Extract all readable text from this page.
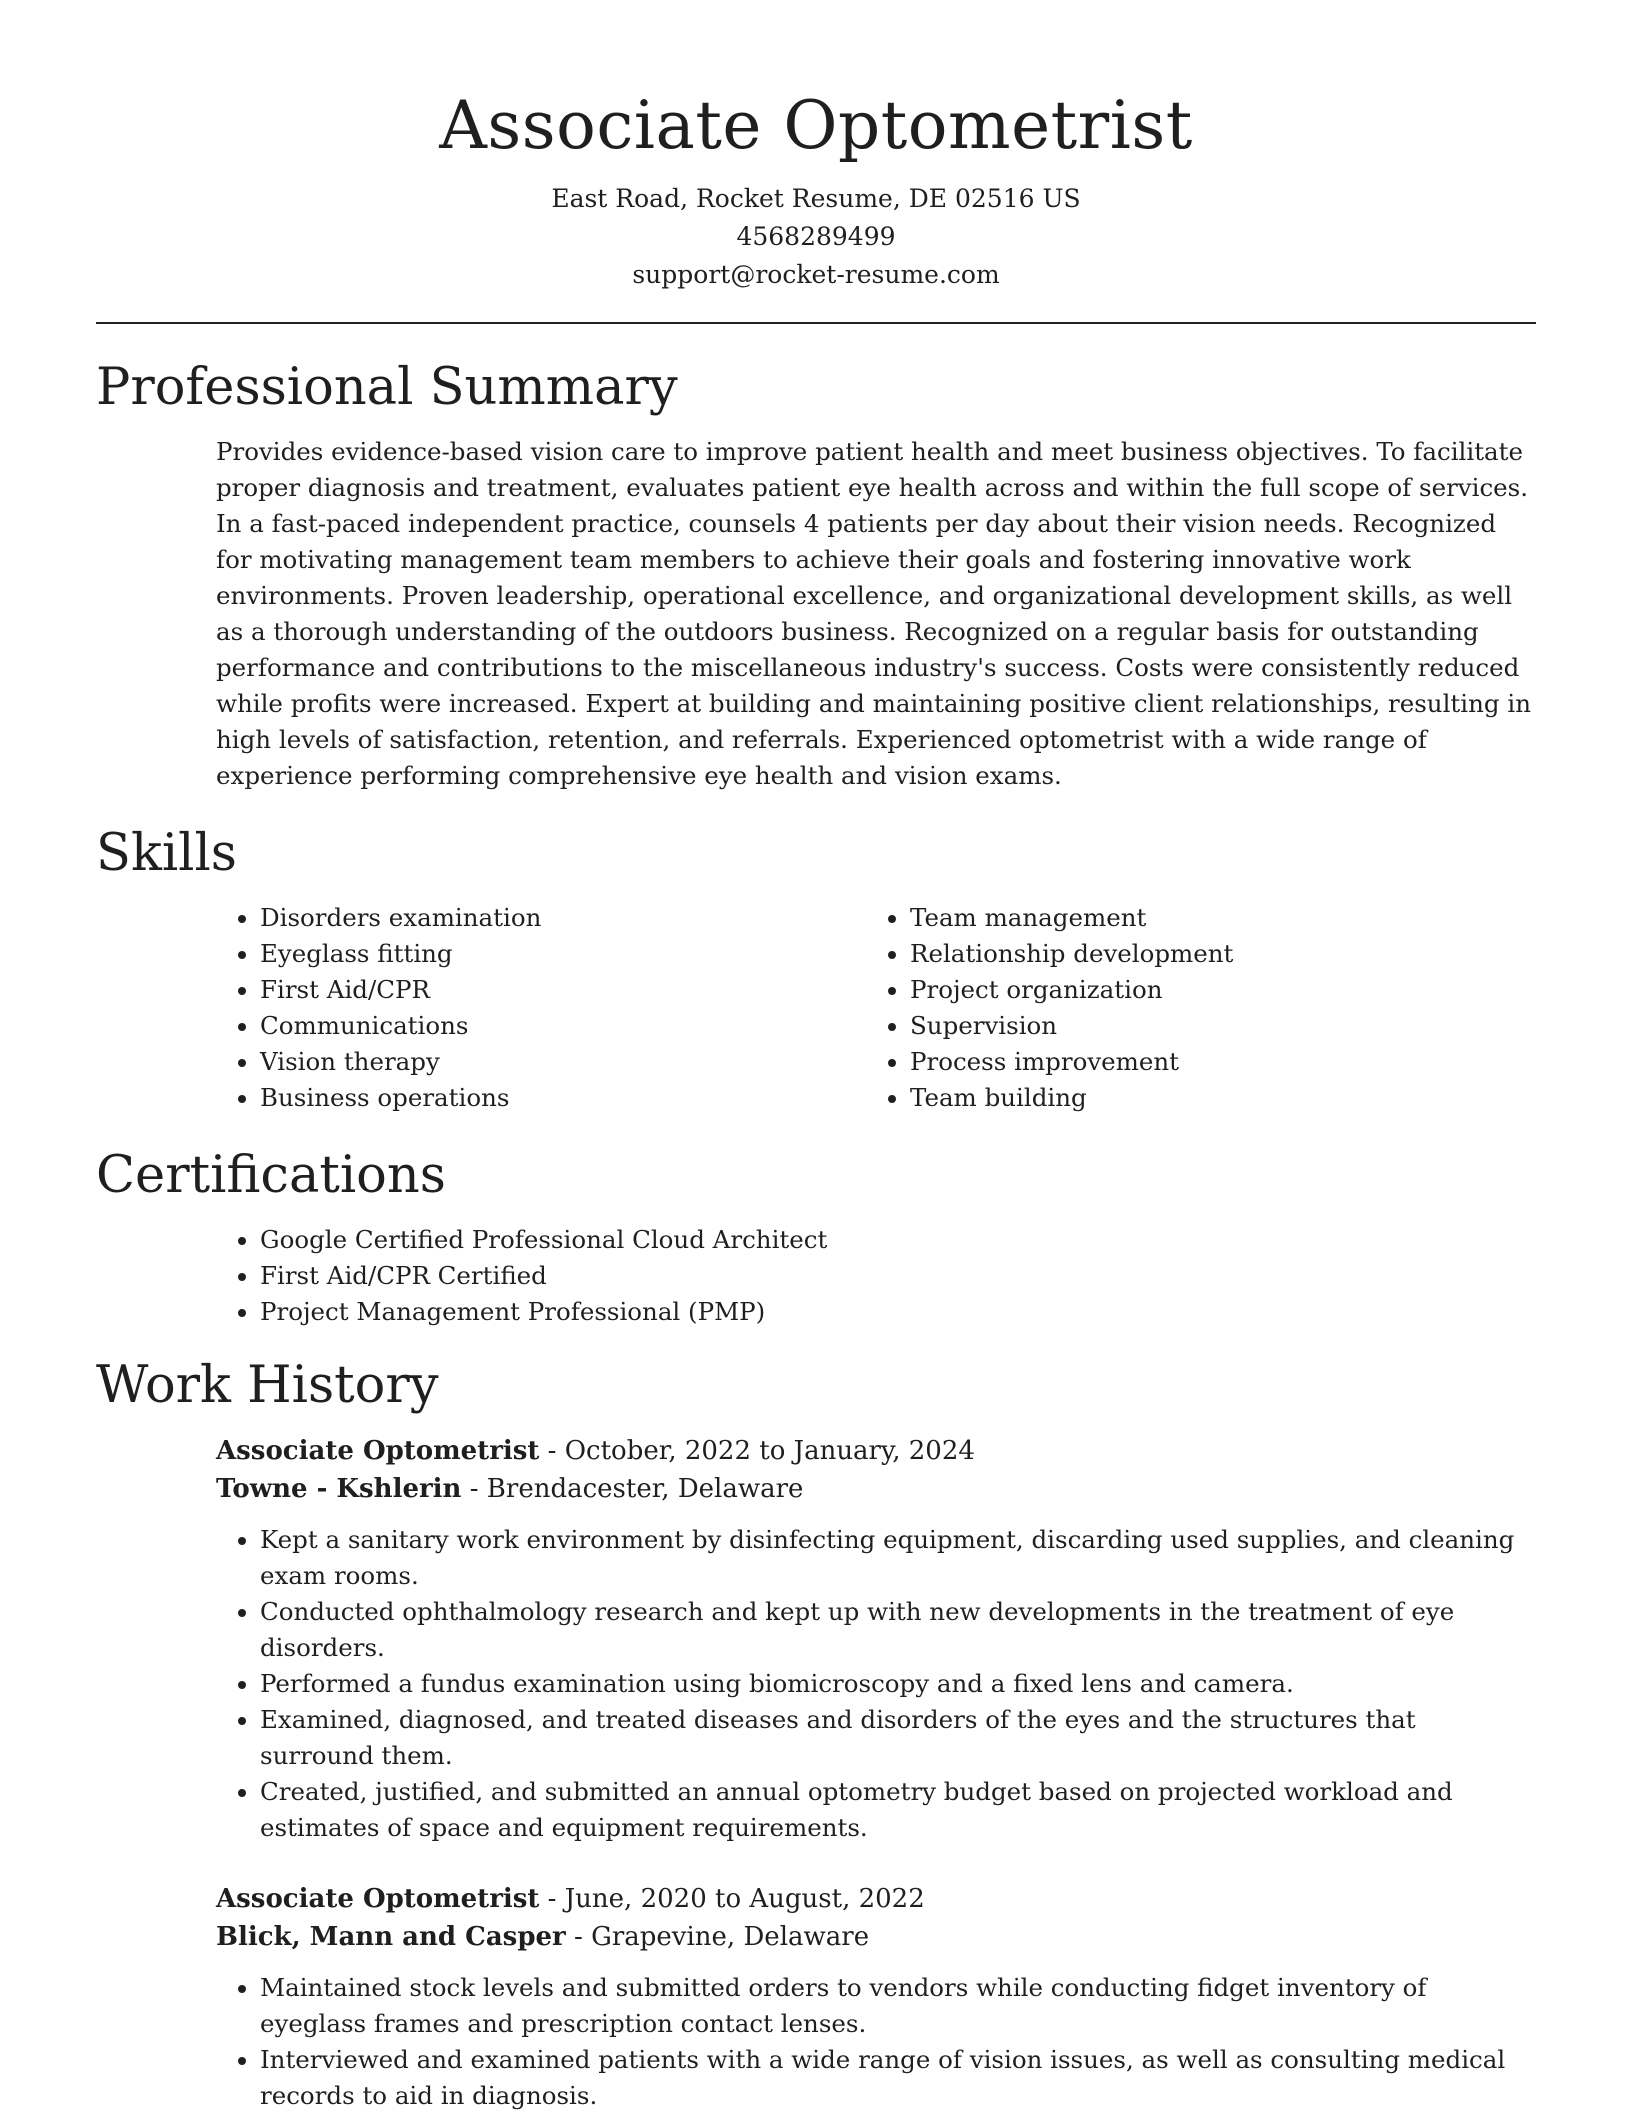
Associate Optometrist
East Road, Rocket Resume, DE 02516 US
4568289499
support@rocket-resume.com
Professional Summary

Provides evidence-based vision care to improve patient health and meet business objectives. To facilitate proper diagnosis and treatment, evaluates patient eye health across and within the full scope of services. In a fast-paced independent practice, counsels 4 patients per day about their vision needs. Recognized for motivating management team members to achieve their goals and fostering innovative work environments. Proven leadership, operational excellence, and organizational development skills, as well as a thorough understanding of the outdoors business. Recognized on a regular basis for outstanding performance and contributions to the miscellaneous industry's success. Costs were consistently reduced while profits were increased. Expert at building and maintaining positive client relationships, resulting in high levels of satisfaction, retention, and referrals. Experienced optometrist with a wide range of experience performing comprehensive eye health and vision exams.

Skills
• Disorders examination
• Eyeglass fitting
• First Aid/CPR
• Communications
• Vision therapy
• Business operations
• Team management
• Relationship development
• Project organization
• Supervision
• Process improvement
• Team building
Certifications
• Google Certified Professional Cloud Architect
• First Aid/CPR Certified
• Project Management Professional (PMP)
Work History
Associate Optometrist - October, 2022 to January, 2024
Towne - Kshlerin - Brendacester, Delaware
• Kept a sanitary work environment by disinfecting equipment, discarding used supplies, and cleaning exam rooms.
• Conducted ophthalmology research and kept up with new developments in the treatment of eye disorders.
• Performed a fundus examination using biomicroscopy and a fixed lens and camera.
• Examined, diagnosed, and treated diseases and disorders of the eyes and the structures that surround them.
• Created, justified, and submitted an annual optometry budget based on projected workload and estimates of space and equipment requirements.
Associate Optometrist - June, 2020 to August, 2022
Blick, Mann and Casper - Grapevine, Delaware
• Maintained stock levels and submitted orders to vendors while conducting fidget inventory of eyeglass frames and prescription contact lenses.
• Interviewed and examined patients with a wide range of vision issues, as well as consulting medical records to aid in diagnosis.
